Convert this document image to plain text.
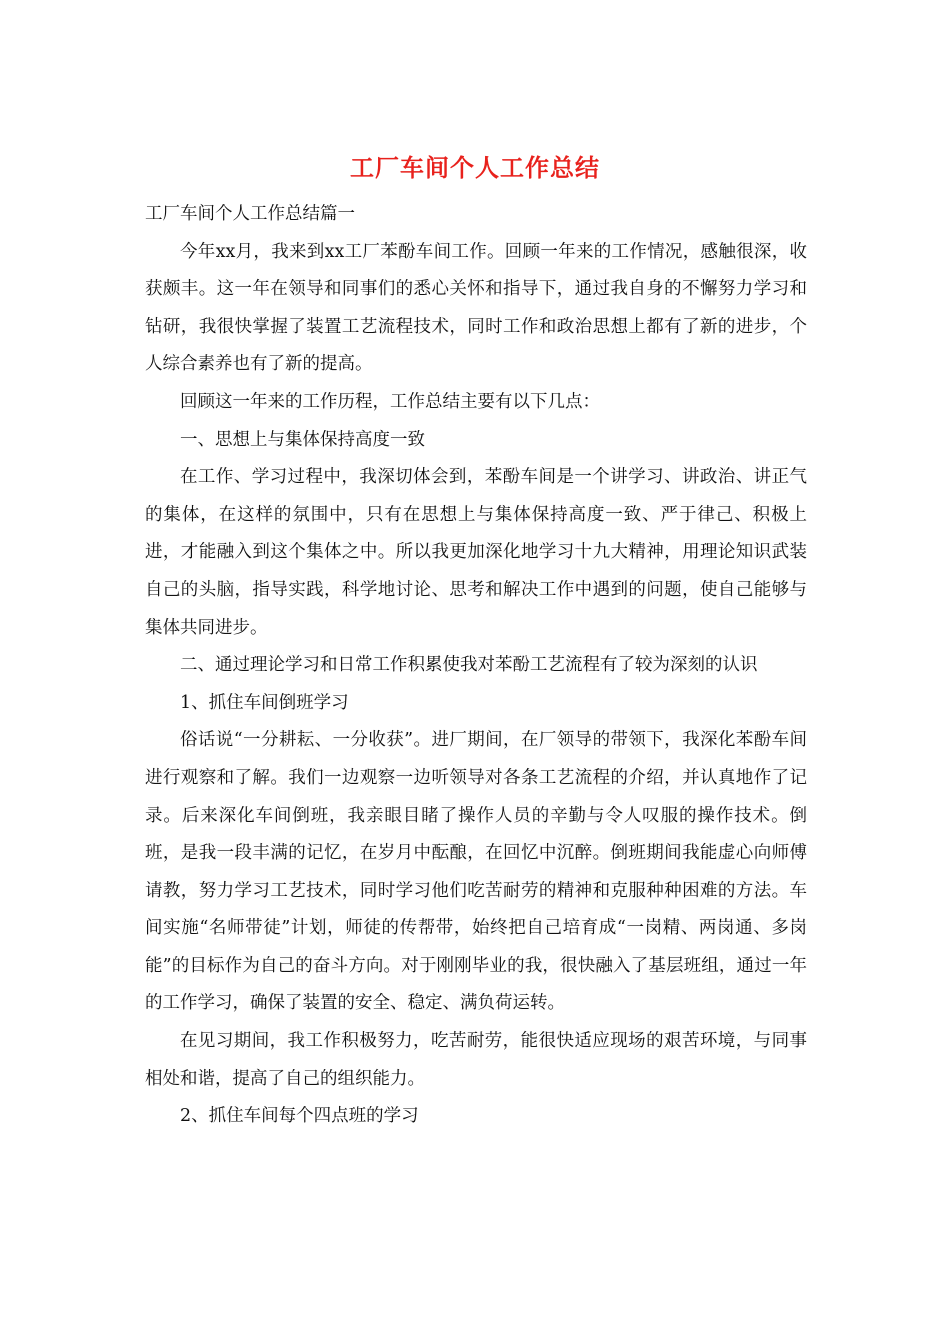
工厂车间个人工作总结

工厂车间个人工作总结篇一

今年xx月，我来到xx工厂苯酚车间工作。回顾一年来的工作情况，感触很深，收获颇丰。这一年在领导和同事们的悉心关怀和指导下，通过我自身的不懈努力学习和钻研，我很快掌握了装置工艺流程技术，同时工作和政治思想上都有了新的进步，个人综合素养也有了新的提高。

回顾这一年来的工作历程，工作总结主要有以下几点：

一、思想上与集体保持高度一致

在工作、学习过程中，我深切体会到，苯酚车间是一个讲学习、讲政治、讲正气的集体，在这样的氛围中，只有在思想上与集体保持高度一致、严于律己、积极上进，才能融入到这个集体之中。所以我更加深化地学习十九大精神，用理论知识武装自己的头脑，指导实践，科学地讨论、思考和解决工作中遇到的问题，使自己能够与集体共同进步。

二、通过理论学习和日常工作积累使我对苯酚工艺流程有了较为深刻的认识

1、抓住车间倒班学习

俗话说“一分耕耘、一分收获”。进厂期间，在厂领导的带领下，我深化苯酚车间进行观察和了解。我们一边观察一边听领导对各条工艺流程的介绍，并认真地作了记录。后来深化车间倒班，我亲眼目睹了操作人员的辛勤与令人叹服的操作技术。倒班，是我一段丰满的记忆，在岁月中酝酿，在回忆中沉醉。倒班期间我能虚心向师傅请教，努力学习工艺技术，同时学习他们吃苦耐劳的精神和克服种种困难的方法。车间实施“名师带徒”计划，师徒的传帮带，始终把自己培育成“一岗精、两岗通、多岗能”的目标作为自己的奋斗方向。对于刚刚毕业的我，很快融入了基层班组，通过一年的工作学习，确保了装置的安全、稳定、满负荷运转。

在见习期间，我工作积极努力，吃苦耐劳，能很快适应现场的艰苦环境，与同事相处和谐，提高了自己的组织能力。

2、抓住车间每个四点班的学习
